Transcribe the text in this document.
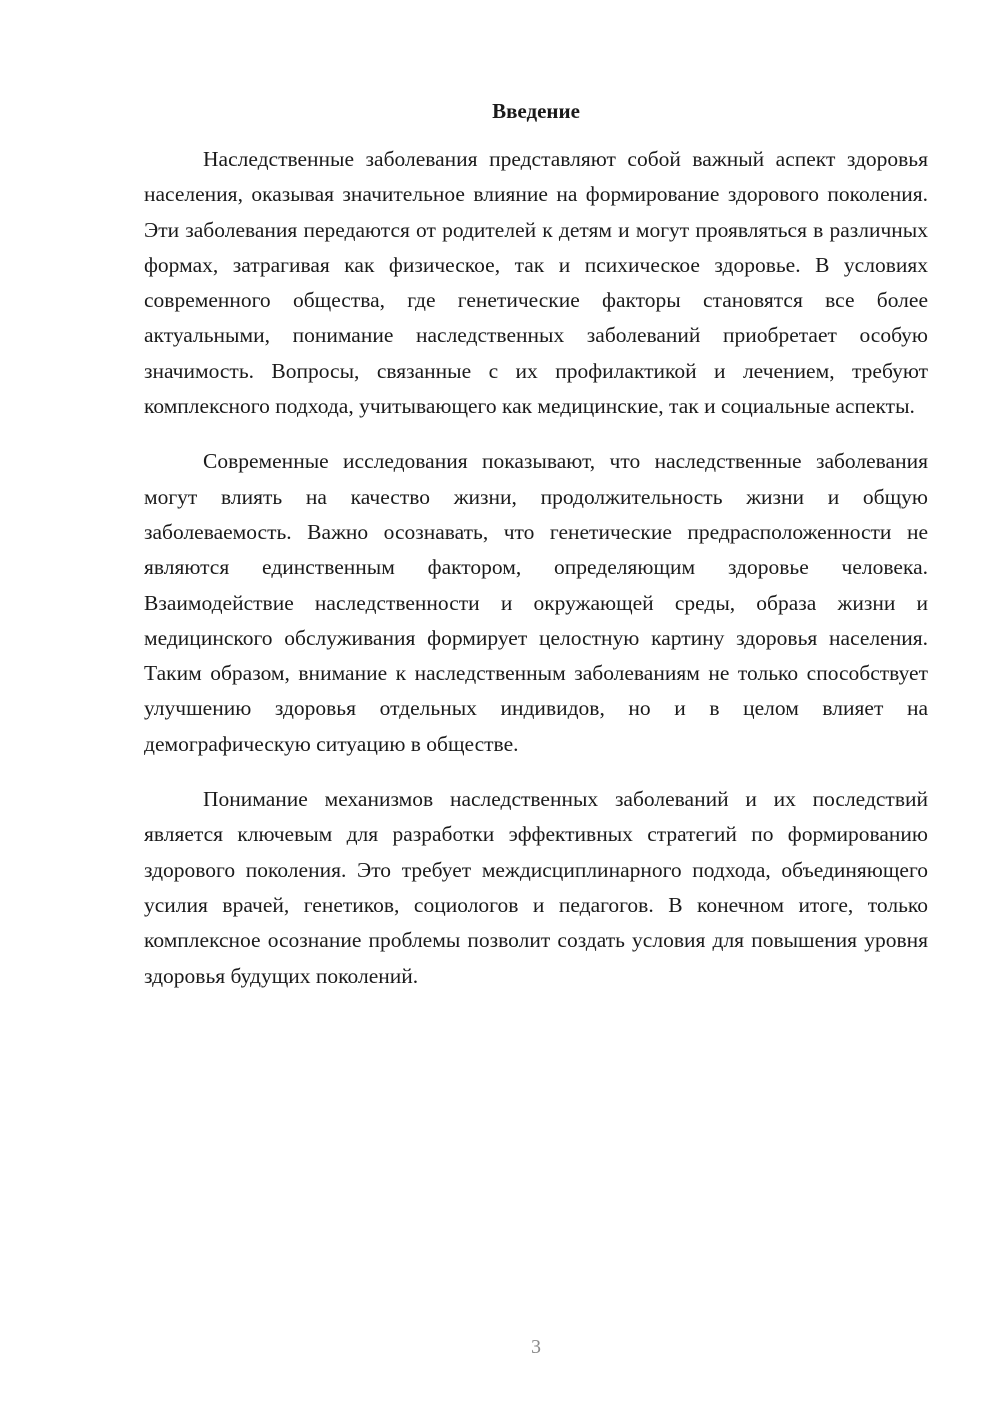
Введение

Наследственные заболевания представляют собой важный аспект здоровья населения, оказывая значительное влияние на формирование здорового поколения. Эти заболевания передаются от родителей к детям и могут проявляться в различных формах, затрагивая как физическое, так и психическое здоровье. В условиях современного общества, где генетические факторы становятся все более актуальными, понимание наследственных заболеваний приобретает особую значимость. Вопросы, связанные с их профилактикой и лечением, требуют комплексного подхода, учитывающего как медицинские, так и социальные аспекты.

Современные исследования показывают, что наследственные заболевания могут влиять на качество жизни, продолжительность жизни и общую заболеваемость. Важно осознавать, что генетические предрасположенности не являются единственным фактором, определяющим здоровье человека. Взаимодействие наследственности и окружающей среды, образа жизни и медицинского обслуживания формирует целостную картину здоровья населения. Таким образом, внимание к наследственным заболеваниям не только способствует улучшению здоровья отдельных индивидов, но и в целом влияет на демографическую ситуацию в обществе.

Понимание механизмов наследственных заболеваний и их последствий является ключевым для разработки эффективных стратегий по формированию здорового поколения. Это требует междисциплинарного подхода, объединяющего усилия врачей, генетиков, социологов и педагогов. В конечном итоге, только комплексное осознание проблемы позволит создать условия для повышения уровня здоровья будущих поколений.

3
